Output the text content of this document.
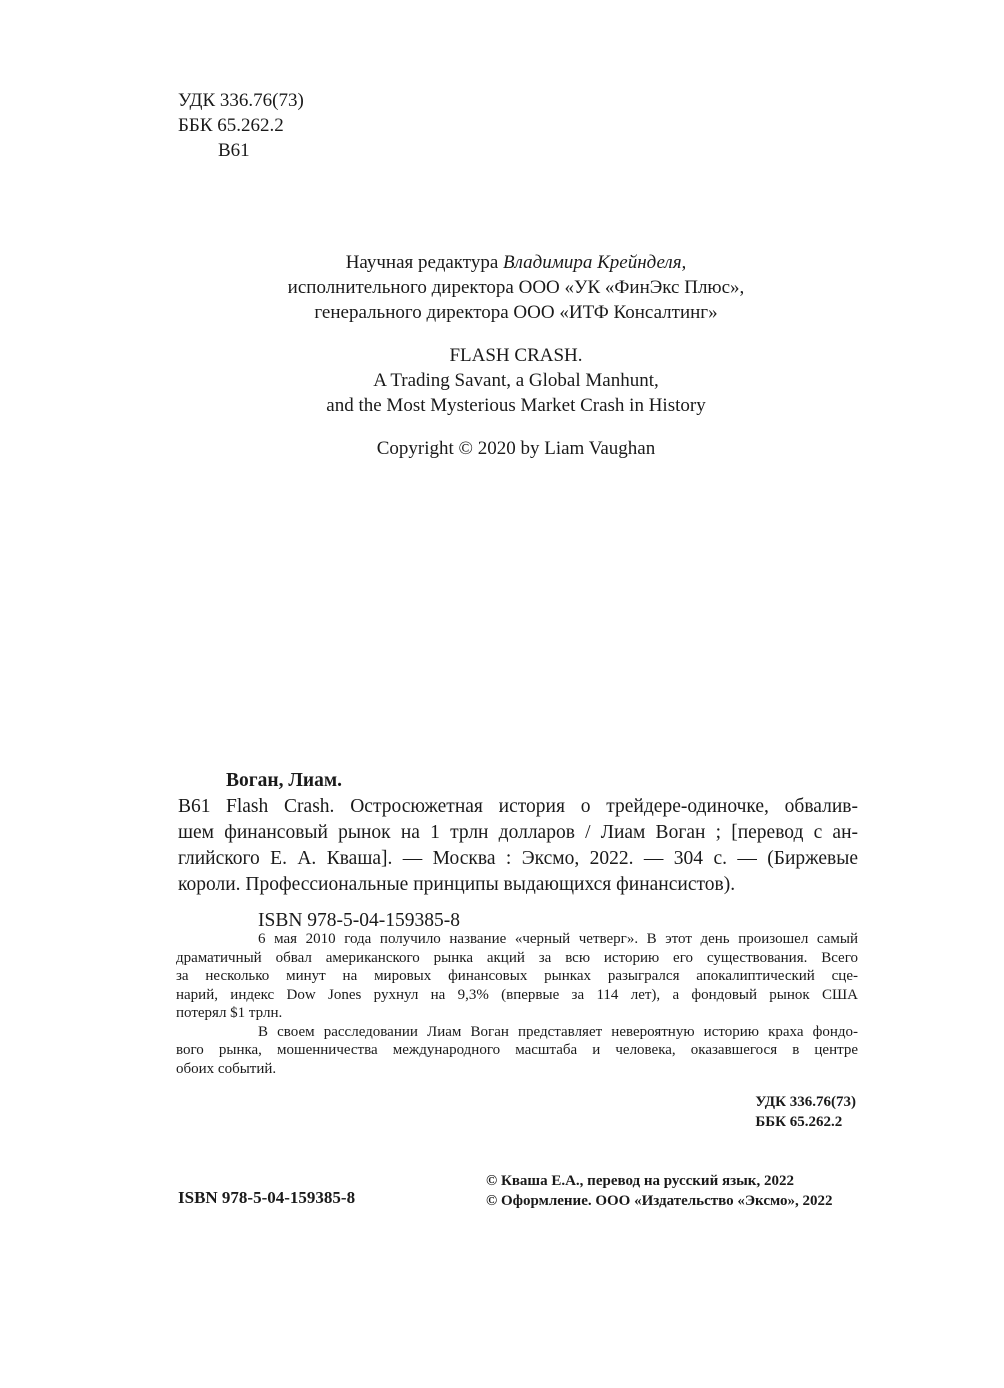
УДК 336.76(73)
ББК 65.262.2
В61
Научная редактура Владимира Крейнделя,
исполнительного директора ООО «УК «ФинЭкс Плюс»,
генерального директора ООО «ИТФ Консалтинг»
FLASH CRASH.
A Trading Savant, a Global Manhunt,
and the Most Mysterious Market Crash in History
Copyright © 2020 by Liam Vaughan
Воган, Лиам.
В61 Flash Crash. Остросюжетная история о трейдере-одиночке, обвалив-
шем финансовый рынок на 1 трлн долларов / Лиам Воган ; [перевод с ан-
глийского Е. А. Кваша]. — Москва : Эксмо, 2022. — 304 с. — (Биржевые
короли. Профессиональные принципы выдающихся финансистов).
ISBN 978-5-04-159385-8
6 мая 2010 года получило название «черный четверг». В этот день произошел самый
драматичный обвал американского рынка акций за всю историю его существования. Всего
за несколько минут на мировых финансовых рынках разыгрался апокалиптический сце-
нарий, индекс Dow Jones рухнул на 9,3% (впервые за 114 лет), а фондовый рынок США
потерял $1 трлн.
В своем расследовании Лиам Воган представляет невероятную историю краха фондо-
вого рынка, мошенничества международного масштаба и человека, оказавшегося в центре
обоих событий.
УДК 336.76(73)
ББК 65.262.2
ISBN 978-5-04-159385-8
© Кваша Е.А., перевод на русский язык, 2022
© Оформление. ООО «Издательство «Эксмо», 2022
